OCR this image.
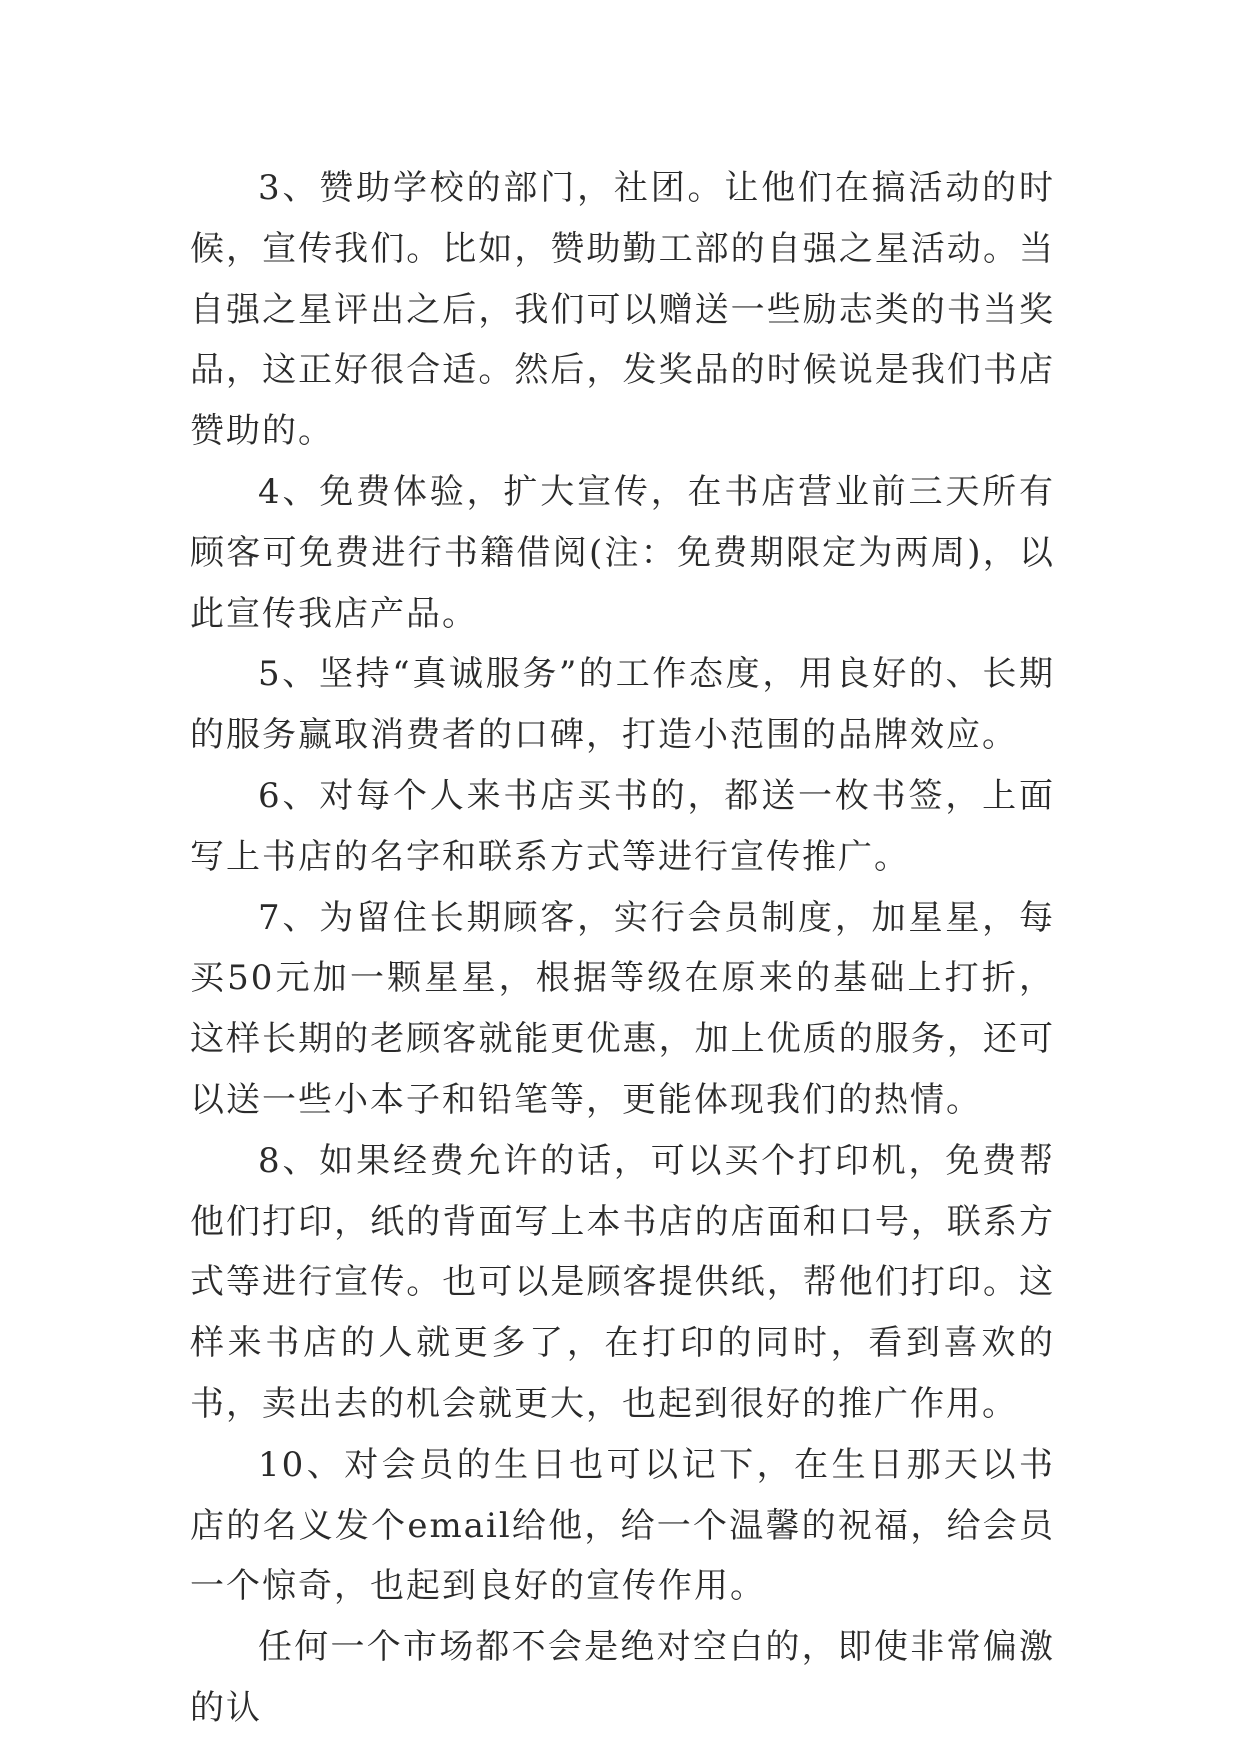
3、赞助学校的部门，社团。让他们在搞活动的时候，宣传我们。比如，赞助勤工部的自强之星活动。当自强之星评出之后，我们可以赠送一些励志类的书当奖品，这正好很合适。然后，发奖品的时候说是我们书店赞助的。

4、免费体验，扩大宣传，在书店营业前三天所有顾客可免费进行书籍借阅(注：免费期限定为两周)，以此宣传我店产品。

5、坚持“真诚服务”的工作态度，用良好的、长期的服务赢取消费者的口碑，打造小范围的品牌效应。

6、对每个人来书店买书的，都送一枚书签，上面写上书店的名字和联系方式等进行宣传推广。

7、为留住长期顾客，实行会员制度，加星星，每买50元加一颗星星，根据等级在原来的基础上打折，这样长期的老顾客就能更优惠，加上优质的服务，还可以送一些小本子和铅笔等，更能体现我们的热情。

8、如果经费允许的话，可以买个打印机，免费帮他们打印，纸的背面写上本书店的店面和口号，联系方式等进行宣传。也可以是顾客提供纸，帮他们打印。这样来书店的人就更多了，在打印的同时，看到喜欢的书，卖出去的机会就更大，也起到很好的推广作用。

10、对会员的生日也可以记下，在生日那天以书店的名义发个email给他，给一个温馨的祝福，给会员一个惊奇，也起到良好的宣传作用。

任何一个市场都不会是绝对空白的，即使非常偏激的认
